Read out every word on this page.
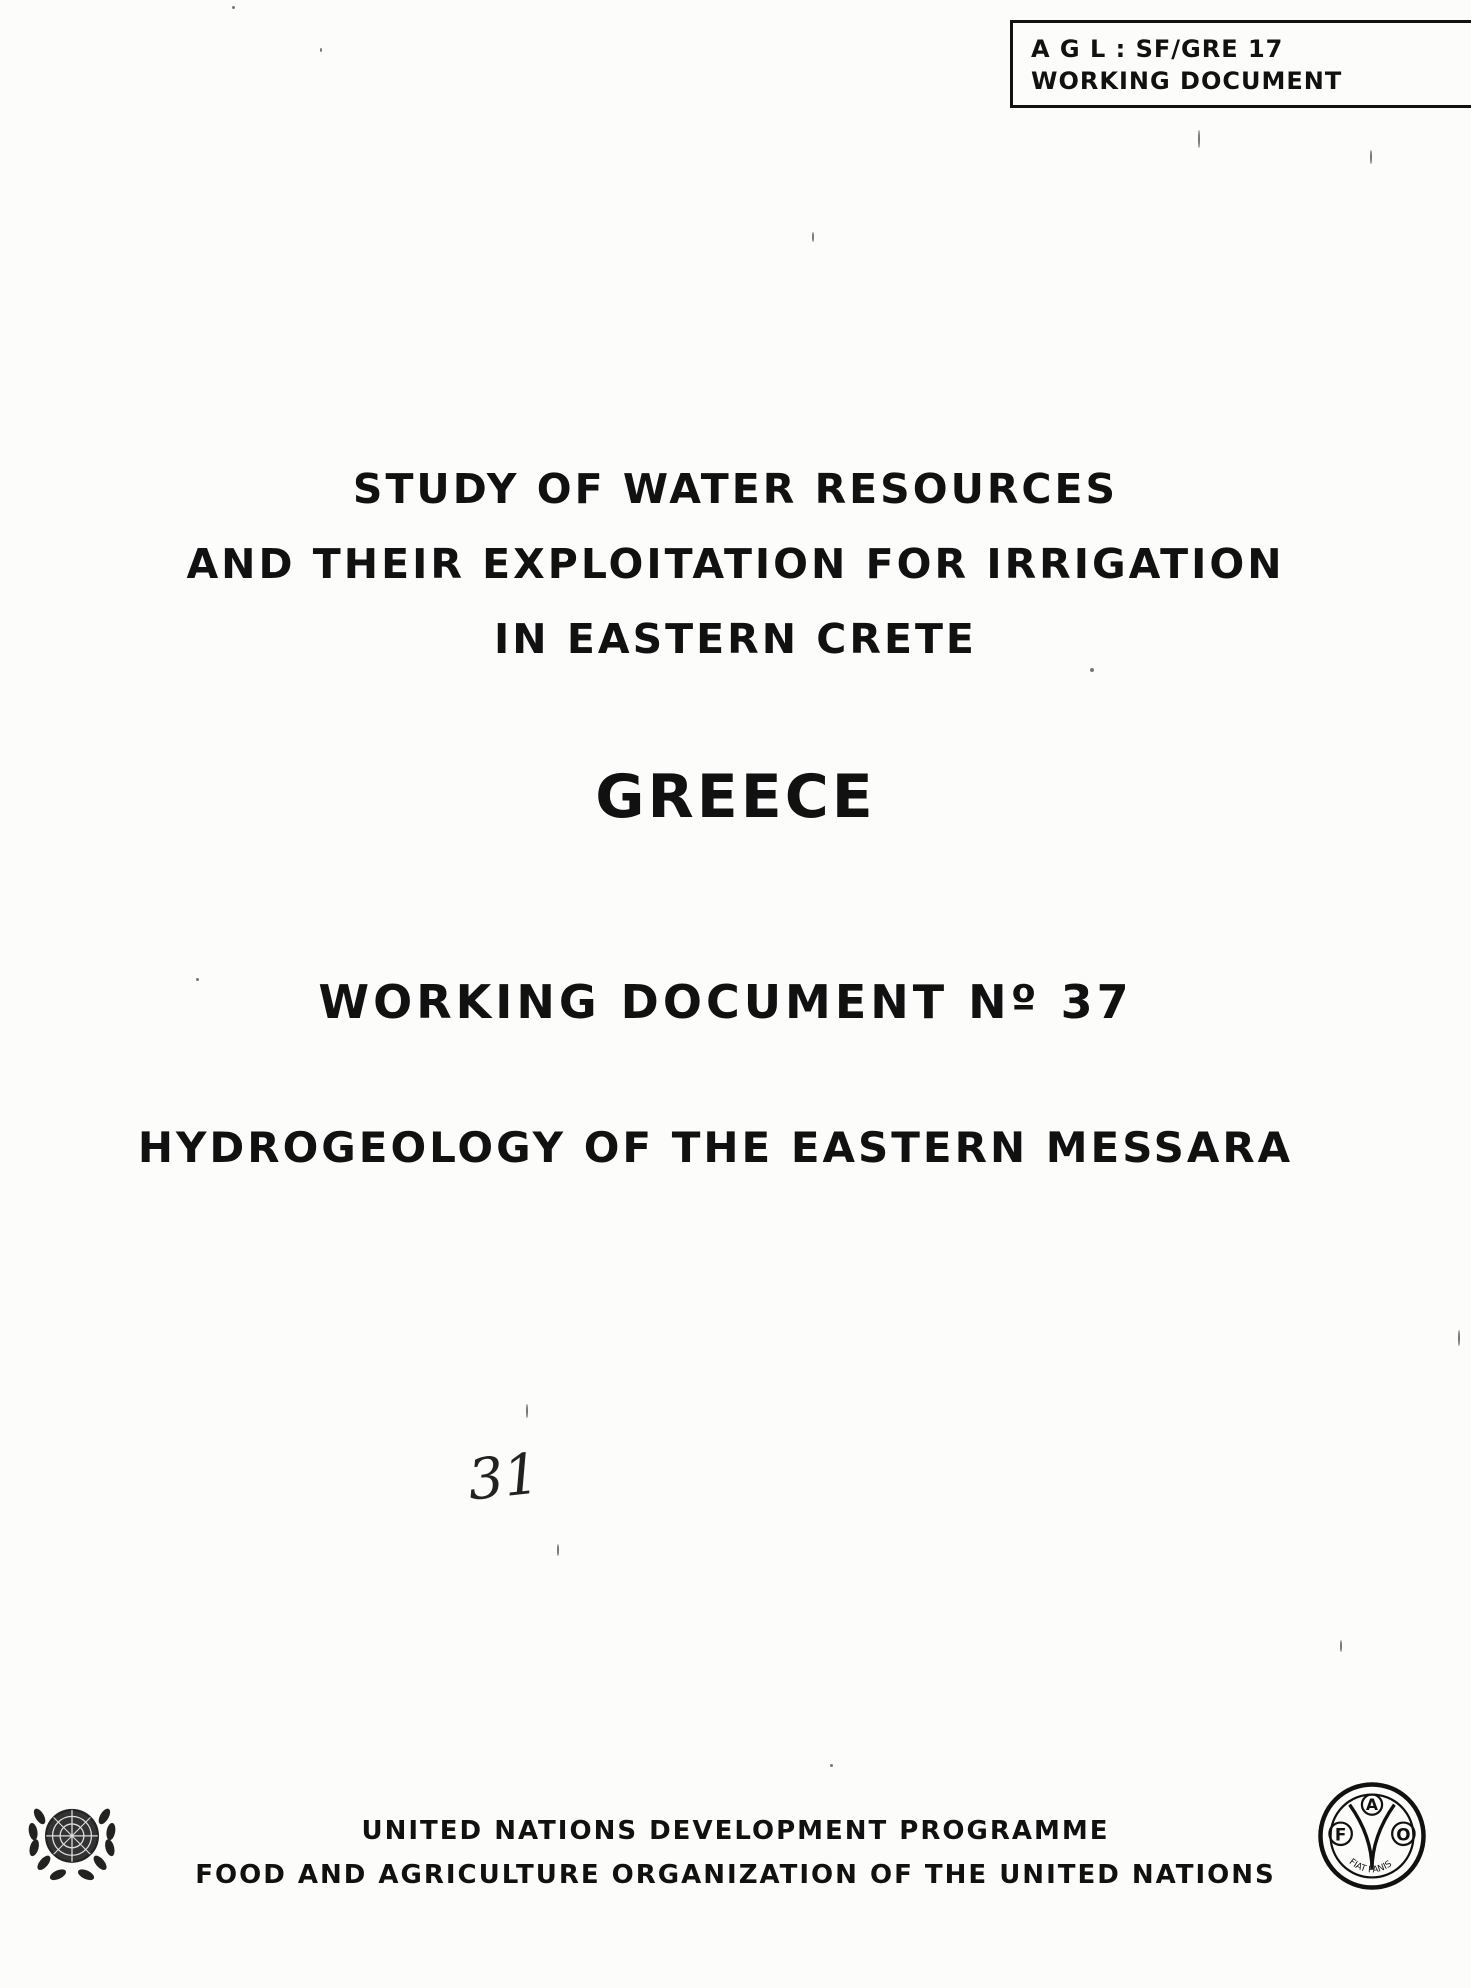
A G L : SF/GRE 17
WORKING DOCUMENT
STUDY OF WATER RESOURCES
AND THEIR EXPLOITATION FOR IRRIGATION
IN EASTERN CRETE
GREECE
WORKING DOCUMENT Nº 37
HYDROGEOLOGY OF THE EASTERN MESSARA
31
UNITED NATIONS DEVELOPMENT PROGRAMME
FOOD AND AGRICULTURE ORGANIZATION OF THE UNITED NATIONS
F
A
O
FIAT PANIS
